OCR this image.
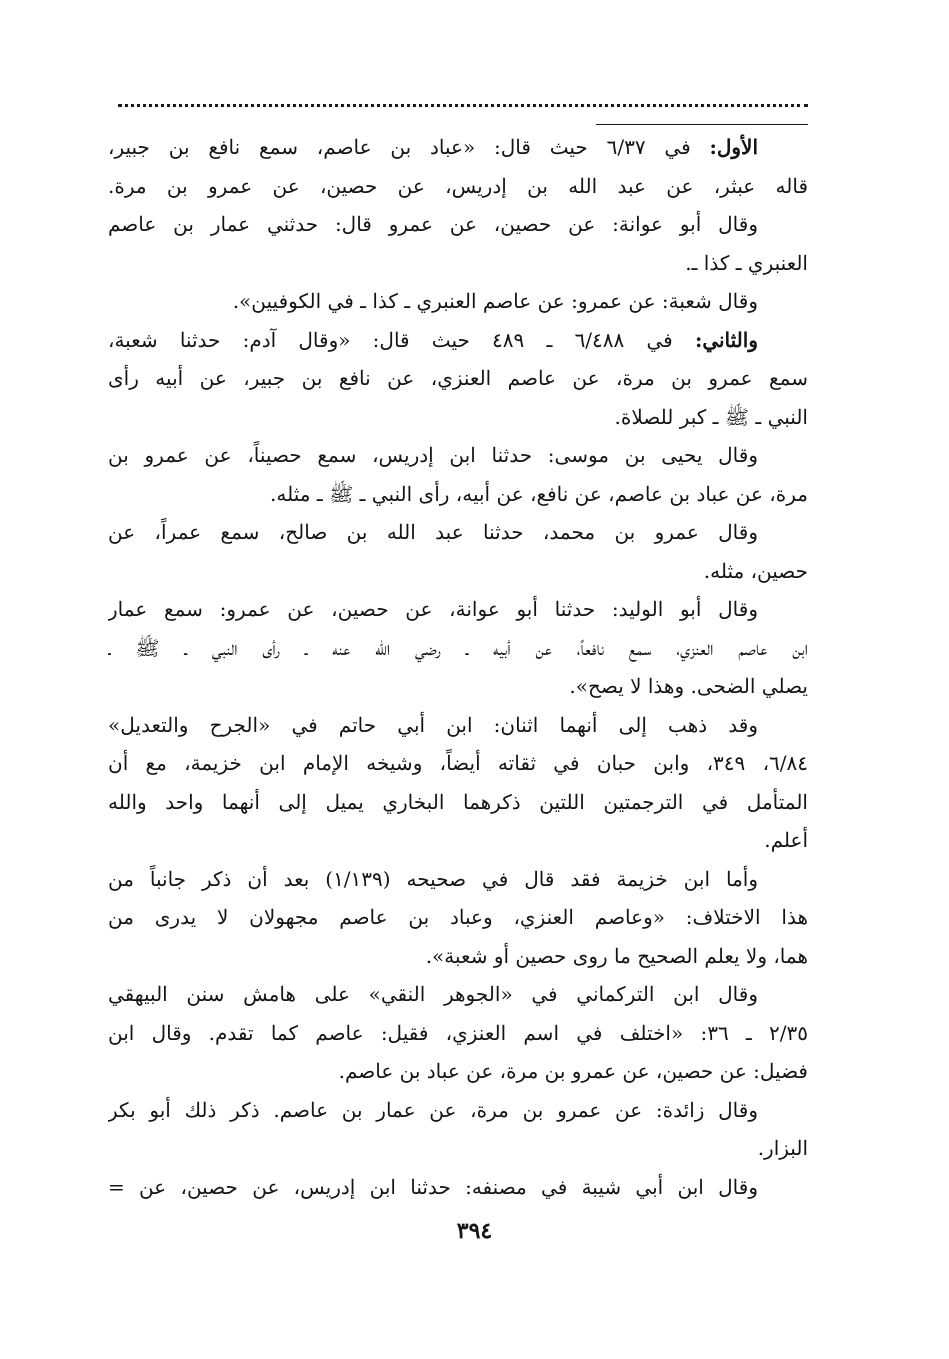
الأول: في ٦/٣٧ حيث قال: «عباد بن عاصم، سمع نافع بن جبير،
قاله عبثر، عن عبد الله بن إدريس، عن حصين، عن عمرو بن مرة.
وقال أبو عوانة: عن حصين، عن عمرو قال: حدثني عمار بن عاصم
العنبري ـ كذا ـ.
وقال شعبة: عن عمرو: عن عاصم العنبري ـ كذا ـ في الكوفيين».
والثاني: في ٦/٤٨٨ ـ ٤٨٩ حيث قال: «وقال آدم: حدثنا شعبة،
سمع عمرو بن مرة، عن عاصم العنزي، عن نافع بن جبير، عن أبيه رأى
النبي ـ ﷺ ـ كبر للصلاة.
وقال يحيى بن موسى: حدثنا ابن إدريس، سمع حصيناً، عن عمرو بن
مرة، عن عباد بن عاصم، عن نافع، عن أبيه، رأى النبي ـ ﷺ ـ مثله.
وقال عمرو بن محمد، حدثنا عبد الله بن صالح، سمع عمراً، عن
حصين، مثله.
وقال أبو الوليد: حدثنا أبو عوانة، عن حصين، عن عمرو: سمع عمار
ابن عاصم العنزي، سمع نافعاً، عن أبيه ـ رضي الله عنه ـ رأى النبي ـ ﷺ ـ
يصلي الضحى. وهذا لا يصح».
وقد ذهب إلى أنهما اثنان: ابن أبي حاتم في «الجرح والتعديل»
٦/٨٤، ٣٤٩، وابن حبان في ثقاته أيضاً، وشيخه الإمام ابن خزيمة، مع أن
المتأمل في الترجمتين اللتين ذكرهما البخاري يميل إلى أنهما واحد والله
أعلم.
وأما ابن خزيمة فقد قال في صحيحه (١/١٣٩) بعد أن ذكر جانباً من
هذا الاختلاف: «وعاصم العنزي، وعباد بن عاصم مجهولان لا يدرى من
هما، ولا يعلم الصحيح ما روى حصين أو شعبة».
وقال ابن التركماني في «الجوهر النقي» على هامش سنن البيهقي
٢/٣٥ ـ ٣٦: «اختلف في اسم العنزي، فقيل: عاصم كما تقدم. وقال ابن
فضيل: عن حصين، عن عمرو بن مرة، عن عباد بن عاصم.
وقال زائدة: عن عمرو بن مرة، عن عمار بن عاصم. ذكر ذلك أبو بكر
البزار.
وقال ابن أبي شيبة في مصنفه: حدثنا ابن إدريس، عن حصين، عن =
٣٩٤
